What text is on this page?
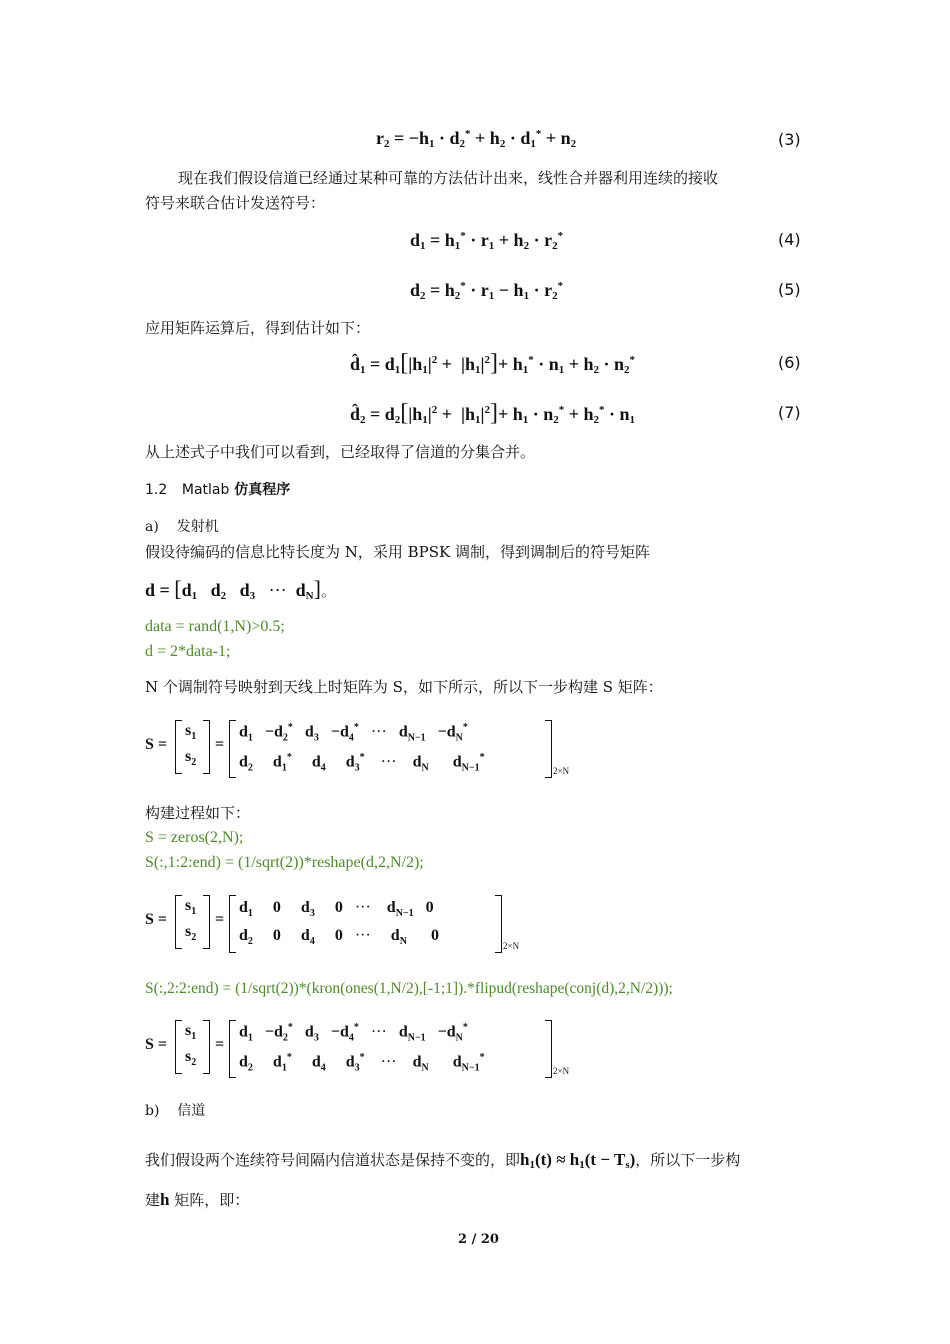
$r_2 = -h_1 \cdot d_2^* + h_2 \cdot d_1^* + n_2$	(3)
现在我们假设信道已经通过某种可靠的方法估计出来，线性合并器利用连续的接收
符号来联合估计发送符号：
$d_1 = h_1^* \cdot r_1 + h_2 \cdot r_2^*$	(4)
$d_2 = h_2^* \cdot r_1 - h_1 \cdot r_2^*$	(5)
应用矩阵运算后，得到估计如下：
$d̂_1 = d_1[|h_1|^2 + |h_1|^2]+ h_1^* \cdot n_1 + h_2 \cdot n_2^*$	(6)
$d̂_2 = d_2[|h_1|^2 + |h_1|^2]+ h_1 \cdot n_2^* + h_2^* \cdot n_1$	(7)
从上述式子中我们可以看到，已经取得了信道的分集合并。
1.2 Matlab 仿真程序
a) 发射机
假设待编码的信息比特长度为 N，采用 BPSK 调制，得到调制后的符号矩阵
$d = [d_1$   $d_2$   $d_3$ ···  $d_N$]。
data = rand(1,N)>0.5;
d = 2*data-1;
N 个调制符号映射到天线上时矩阵为 S，如下所示，所以下一步构建 S 矩阵：
S =
$s_1$
$s_2$
=
$d_1 -d_2^*$   $d_3 -d_4^*$ ···   $d_{N-1} -d_N^*$
$d_2$     $d_1^*$     $d_4$     $d_3^*$ ···    $d_N$      $d_{N-1}^*$
2×N
构建过程如下：
S = zeros(2,N);
S(:,1:2:end) = (1/sqrt(2))*reshape(d,2,N/2);
S =
$s_1$
$s_2$
=
$d_1$     0     $d_3$     0   ···    $d_{N-1}$   0
$d_2$     0     $d_4$     0   ···     $d_N$      0
2×N
S(:,2:2:end) = (1/sqrt(2))*(kron(ones(1,N/2),[-1;1]).*flipud(reshape(conj(d),2,N/2)));
S =
$s_1$
$s_2$
=
$d_1 -d_2^*$   $d_3 -d_4^*$ ···   $d_{N-1} -d_N^*$
$d_2$     $d_1^*$     $d_4$     $d_3^*$ ···    $d_N$      $d_{N-1}^*$
2×N
b) 信道
我们假设两个连续符号间隔内信道状态是保持不变的，即$h_1(t) \approx h_1(t - T_s)$，所以下一步构
建h 矩阵，即：
2 / 20
